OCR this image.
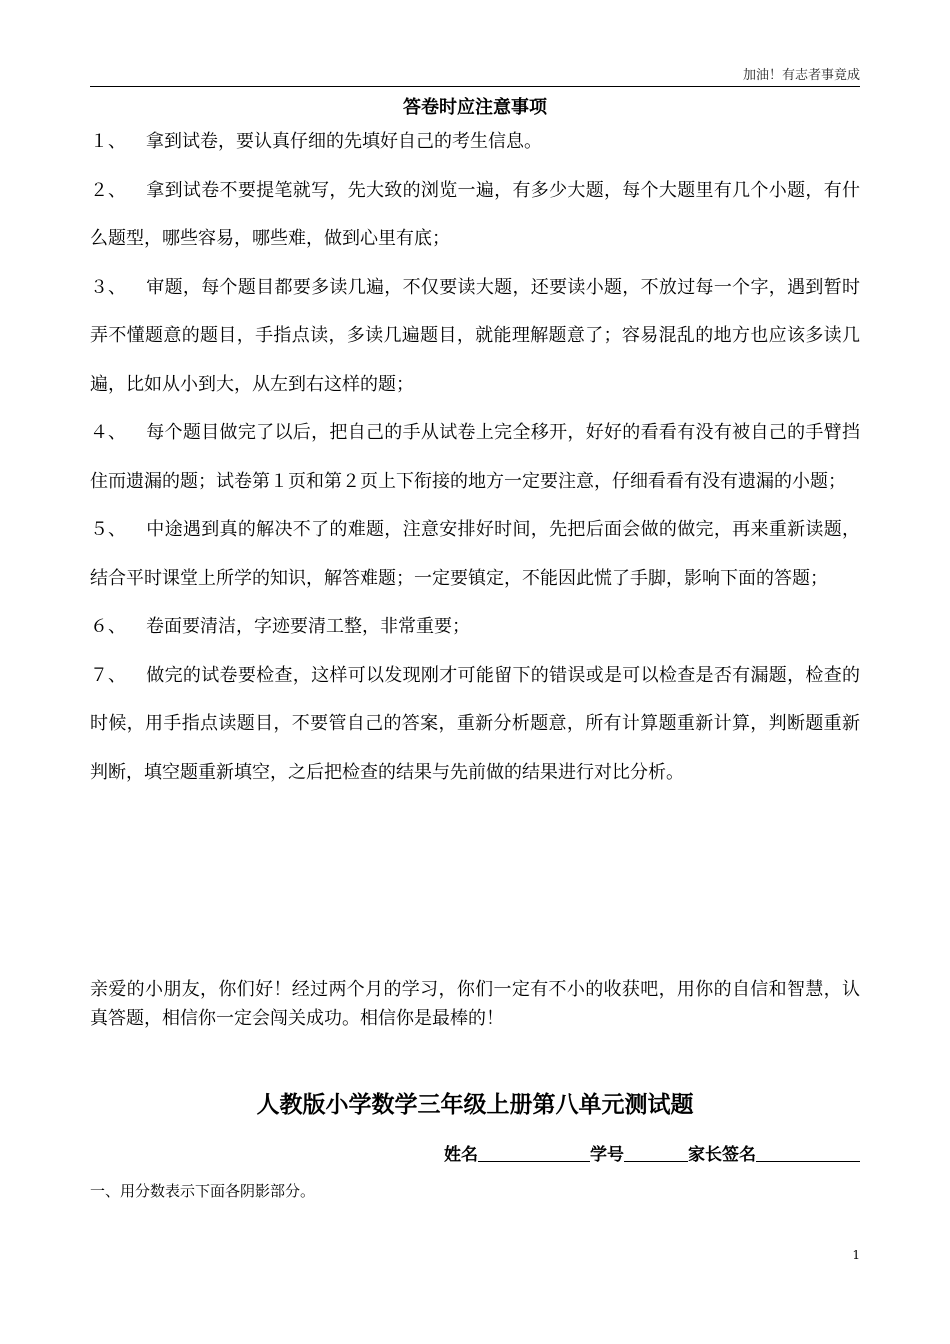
加油！有志者事竟成
答卷时应注意事项

１、 拿到试卷，要认真仔细的先填好自己的考生信息。

２、 拿到试卷不要提笔就写，先大致的浏览一遍，有多少大题，每个大题里有几个小题，有什么题型，哪些容易，哪些难，做到心里有底；

３、 审题，每个题目都要多读几遍，不仅要读大题，还要读小题，不放过每一个字，遇到暂时弄不懂题意的题目，手指点读，多读几遍题目，就能理解题意了；容易混乱的地方也应该多读几遍，比如从小到大，从左到右这样的题；

４、 每个题目做完了以后，把自己的手从试卷上完全移开，好好的看看有没有被自己的手臂挡住而遗漏的题；试卷第１页和第２页上下衔接的地方一定要注意，仔细看看有没有遗漏的小题；

５、 中途遇到真的解决不了的难题，注意安排好时间，先把后面会做的做完，再来重新读题，结合平时课堂上所学的知识，解答难题；一定要镇定，不能因此慌了手脚，影响下面的答题；

６、 卷面要清洁，字迹要清工整，非常重要；

７、 做完的试卷要检查，这样可以发现刚才可能留下的错误或是可以检查是否有漏题，检查的时候，用手指点读题目，不要管自己的答案，重新分析题意，所有计算题重新计算，判断题重新判断，填空题重新填空，之后把检查的结果与先前做的结果进行对比分析。

亲爱的小朋友，你们好！经过两个月的学习，你们一定有不小的收获吧，用你的自信和智慧，认真答题，相信你一定会闯关成功。相信你是最棒的！

人教版小学数学三年级上册第八单元测试题
姓名	学号	家长签名
一、用分数表示下面各阴影部分。
1
